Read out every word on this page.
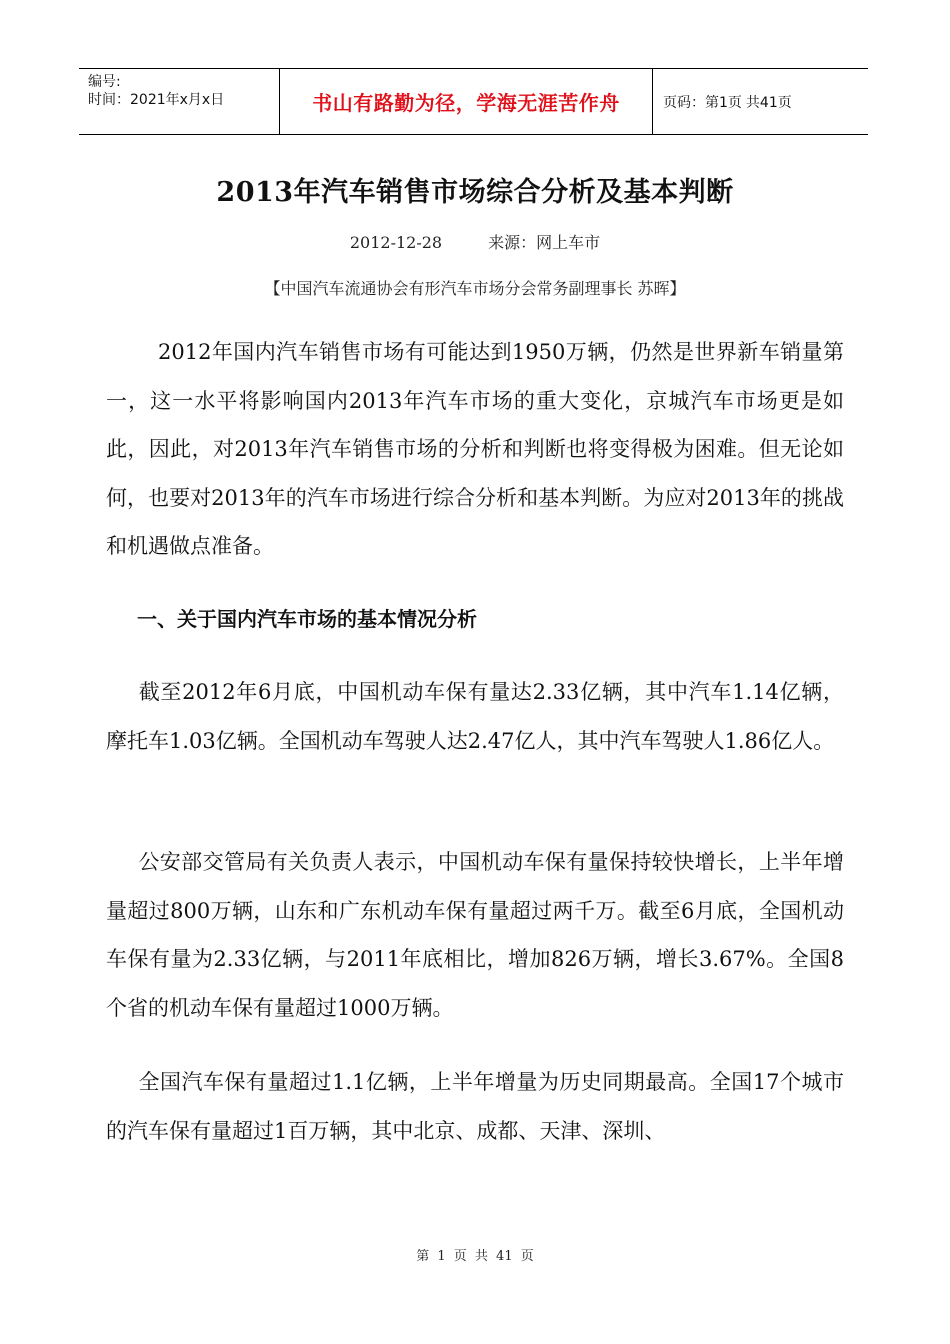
编号:
时间：2021年x月x日	书山有路勤为径，学海无涯苦作舟	页码：第1页 共41页
2013年汽车销售市场综合分析及基本判断
2012-12-28	来源：网上车市
【中国汽车流通协会有形汽车市场分会常务副理事长 苏晖】

2012年国内汽车销售市场有可能达到1950万辆，仍然是世界新车销量第一，这一水平将影响国内2013年汽车市场的重大变化，京城汽车市场更是如此，因此，对2013年汽车销售市场的分析和判断也将变得极为困难。但无论如何，也要对2013年的汽车市场进行综合分析和基本判断。为应对2013年的挑战和机遇做点准备。

一、关于国内汽车市场的基本情况分析

截至2012年6月底，中国机动车保有量达2.33亿辆，其中汽车1.14亿辆，摩托车1.03亿辆。全国机动车驾驶人达2.47亿人，其中汽车驾驶人1.86亿人。

公安部交管局有关负责人表示，中国机动车保有量保持较快增长，上半年增量超过800万辆，山东和广东机动车保有量超过两千万。截至6月底，全国机动车保有量为2.33亿辆，与2011年底相比，增加826万辆，增长3.67%。全国8个省的机动车保有量超过1000万辆。

全国汽车保有量超过1.1亿辆，上半年增量为历史同期最高。全国17个城市的汽车保有量超过1百万辆，其中北京、成都、天津、深圳、

第 1 页 共 41 页
